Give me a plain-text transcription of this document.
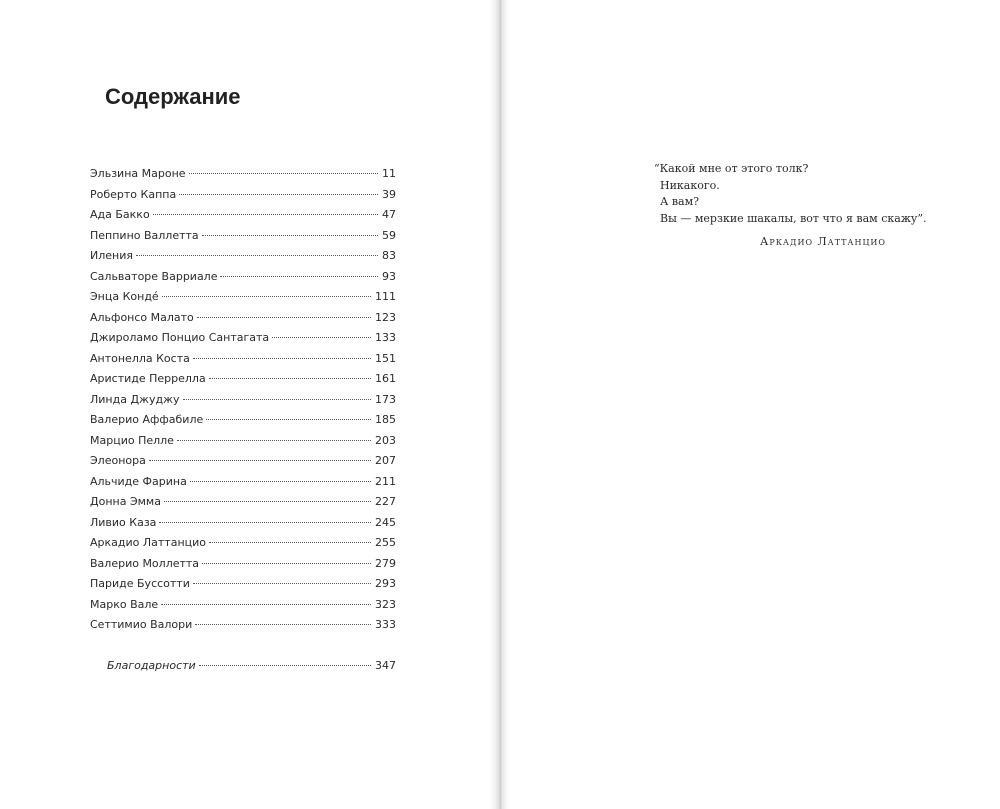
Содержание
Эльзина Мароне	11
Роберто Каппа	39
Ада Бакко	47
Пеппино Валлетта	59
Иления	83
Сальваторе Варриале	93
Энца Кондé	111
Альфонсо Малато	123
Джироламо Понцио Сантагата	133
Антонелла Коста	151
Аристиде Перрелла	161
Линда Джуджу	173
Валерио Аффабиле	185
Марцио Пелле	203
Элеонора	207
Альчиде Фарина	211
Донна Эмма	227
Ливио Каза	245
Аркадио Латтанцио	255
Валерио Моллетта	279
Париде Буссотти	293
Марко Вале	323
Сеттимио Валори	333
Благодарности	347
“Какой мне от этого толк?
Никакого.
А вам?
Вы — мерзкие шакалы, вот что я вам скажу”.
Аркадио Латтанцио
